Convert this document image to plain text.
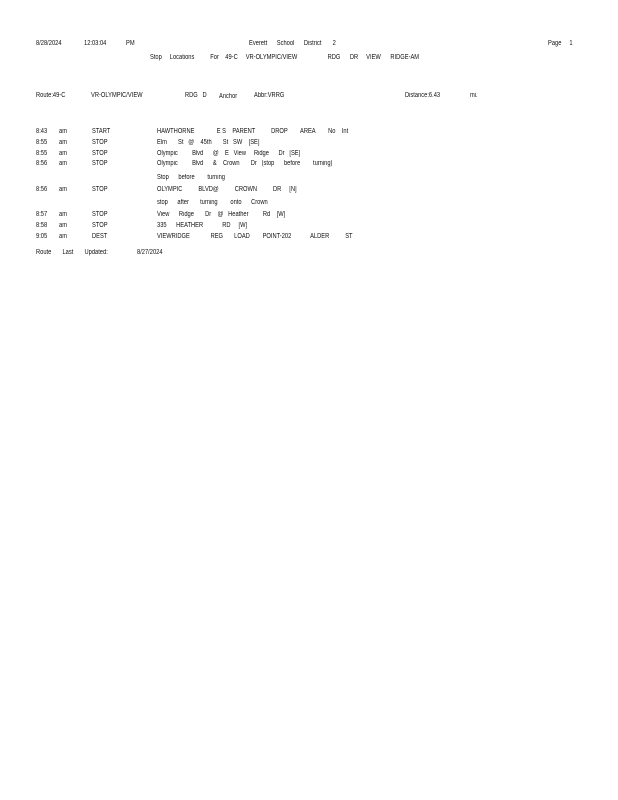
8/28/2024	12:03:04	PM	Everett      School      District       2	Page     1
Stop     Locations          For    49-C     VR-OLYMPIC/VIEW                   RDG      DR     VIEW      RIDGE-AM
Route:49-C	VR-OLYMPIC/VIEW	RDG   D Anchor Abbr:VRRG	Distance:6.43	mi.
8:43 am	START	HAWTHORNE              E S    PARENT          DROP        AREA        No    Int
8:55 am	STOP	Elm       St   @    45th       St   SW    [SE]
8:55 am	STOP	Olympic         Blvd      @    E   View     Ridge      Dr   [SE]
8:56 am	STOP	Olympic         Blvd      &    Crown       Dr   (stop      before        turning)
Stop      before        turning
8:56 am	STOP	OLYMPIC          BLVD@          CROWN          DR     [N]
stop      after       turning        onto      Crown
8:57 am	STOP	View      Ridge       Dr    @   Heather         Rd    [W]
8:58 am	STOP	335      HEATHER            RD     [W]
9:05 am	DEST	VIEWRIDGE             REG       LOAD        POINT-202            ALDER          ST
Route       Last       Updated:	8/27/2024
